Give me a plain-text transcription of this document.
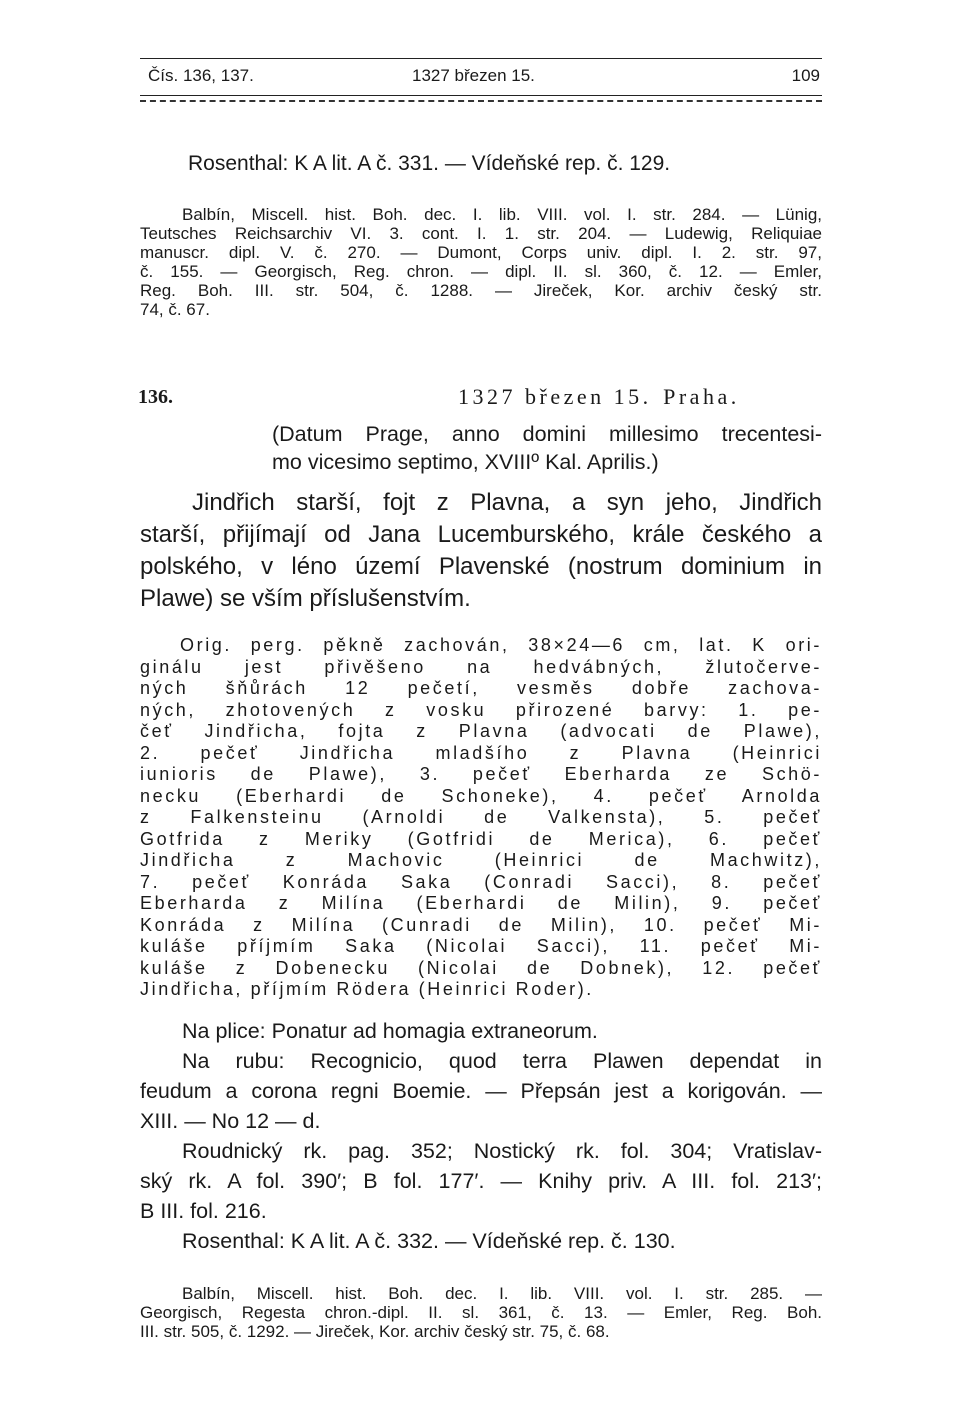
Čís. 136, 137.	1327 březen 15.	109
Rosenthal: K A lit. A č. 331. — Vídeňské rep. č. 129.
Balbín, Miscell. hist. Boh. dec. I. lib. VIII. vol. I. str. 284. — Lünig,
Teutsches Reichsarchiv VI. 3. cont. I. 1. str. 204. — Ludewig, Reliquiae
manuscr. dipl. V. č. 270. — Dumont, Corps univ. dipl. I. 2. str. 97,
č. 155. — Georgisch, Reg. chron. — dipl. II. sl. 360, č. 12. — Emler,
Reg. Boh. III. str. 504, č. 1288. — Jireček, Kor. archiv český str.
74, č. 67.
136.	1327 březen 15. Praha.
(Datum Prage, anno domini millesimo trecentesi-
mo vicesimo septimo, XVIIIº Kal. Aprilis.)
Jindřich starší, fojt z Plavna, a syn jeho, Jindřich
starší, přijímají od Jana Lucemburského, krále českého a
polského, v léno území Plavenské (nostrum dominium in
Plawe) se vším příslušenstvím.
Orig. perg. pěkně zachován, 38×24—6 cm, lat. K ori-
ginálu jest přivěšeno na hedvábných, žlutočerve-
ných šňůrách 12 pečetí, vesměs dobře zachova-
ných, zhotovených z vosku přirozené barvy: 1. pe-
čeť Jindřicha, fojta z Plavna (advocati de Plawe),
2. pečeť Jindřicha mladšího z Plavna (Heinrici
iunioris de Plawe), 3. pečeť Eberharda ze Schö-
necku (Eberhardi de Schoneke), 4. pečeť Arnolda
z Falkensteinu (Arnoldi de Valkensta), 5. pečeť
Gotfrida z Meriky (Gotfridi de Merica), 6. pečeť
Jindřicha z Machovic (Heinrici de Machwitz),
7. pečeť Konráda Saka (Conradi Sacci), 8. pečeť
Eberharda z Milína (Eberhardi de Milin), 9. pečeť
Konráda z Milína (Cunradi de Milin), 10. pečeť Mi-
kuláše příjmím Saka (Nicolai Sacci), 11. pečeť Mi-
kuláše z Dobenecku (Nicolai de Dobnek), 12. pečeť
Jindřicha, příjmím Rödera (Heinrici Roder).
Na plice: Ponatur ad homagia extraneorum.
Na rubu: Recognicio, quod terra Plawen dependat in
feudum a corona regni Boemie. — Přepsán jest a korigován. —
XIII. — No 12 — d.
Roudnický rk. pag. 352; Nostický rk. fol. 304; Vratislav-
ský rk. A fol. 390′; B fol. 177′. — Knihy priv. A III. fol. 213′;
B III. fol. 216.
Rosenthal: K A lit. A č. 332. — Vídeňské rep. č. 130.
Balbín, Miscell. hist. Boh. dec. I. lib. VIII. vol. I. str. 285. —
Georgisch, Regesta chron.-dipl. II. sl. 361, č. 13. — Emler, Reg. Boh.
III. str. 505, č. 1292. — Jireček, Kor. archiv český str. 75, č. 68.
